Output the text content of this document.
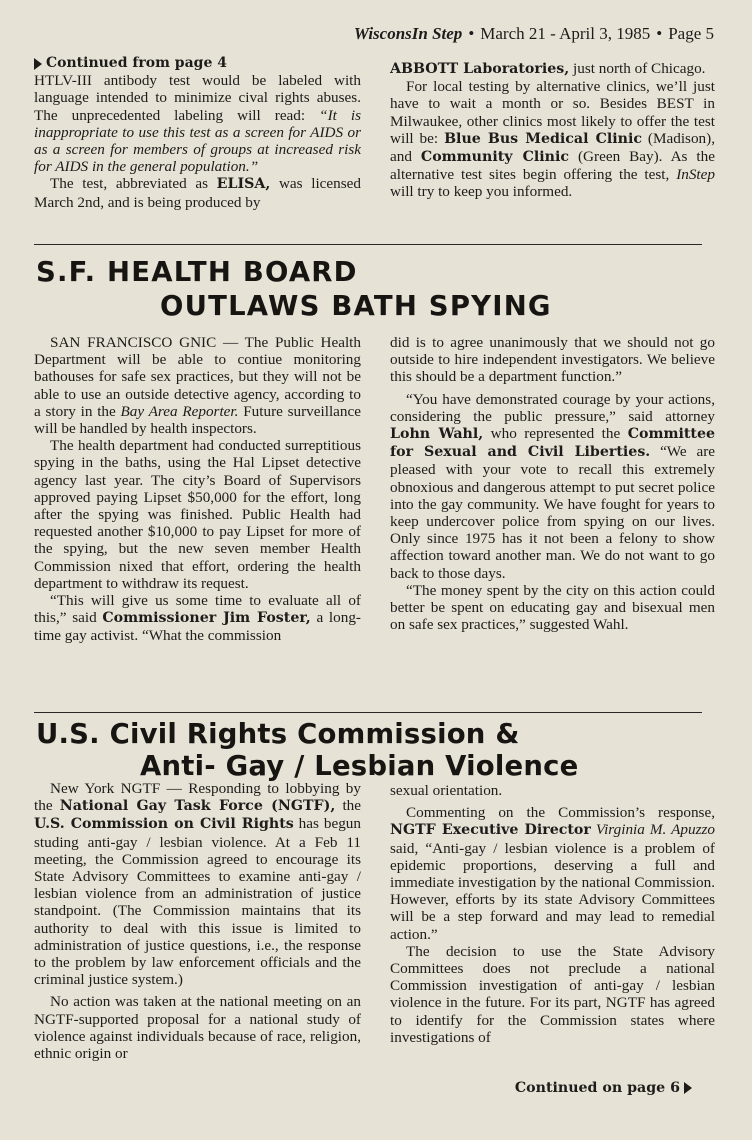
WisconsIn Step • March 21 - April 3, 1985 • Page 5

Continued from page 4

HTLV-III antibody test would be labeled with language intended to minimize cival rights abuses. The unprecedented labeling will read: “It is inappropriate to use this test as a screen for AIDS or as a screen for members of groups at increased risk for AIDS in the general population.”

The test, abbreviated as ELISA, was licensed March 2nd, and is being produced by

ABBOTT Laboratories, just north of Chicago.

For local testing by alternative clinics, we’ll just have to wait a month or so. Besides BEST in Milwaukee, other clinics most likely to offer the test will be: Blue Bus Medical Clinic (Madison), and Community Clinic (Green Bay). As the alternative test sites begin offering the test, InStep will try to keep you informed.

S.F. HEALTH BOARD
OUTLAWS BATH SPYING

SAN FRANCISCO GNIC — The Public Health Department will be able to contiue monitoring bathouses for safe sex practices, but they will not be able to use an outside detective agency, according to a story in the Bay Area Reporter. Future surveillance will be handled by health inspectors.

The health department had conducted surreptitious spying in the baths, using the Hal Lipset detective agency last year. The city’s Board of Supervisors approved paying Lipset $50,000 for the effort, long after the spying was finished. Public Health had requested another $10,000 to pay Lipset for more of the spying, but the new seven member Health Commission nixed that effort, ordering the health department to withdraw its request.

“This will give us some time to evaluate all of this,” said Commissioner Jim Foster, a long-time gay activist. “What the commission

did is to agree unanimously that we should not go outside to hire independent investigators. We believe this should be a department function.”

“You have demonstrated courage by your actions, considering the public pressure,” said attorney Lohn Wahl, who represented the Committee for Sexual and Civil Liberties. “We are pleased with your vote to recall this extremely obnoxious and dangerous attempt to put secret police into the gay community. We have fought for years to keep undercover police from spying on our lives. Only since 1975 has it not been a felony to show affection toward another man. We do not want to go back to those days.

“The money spent by the city on this action could better be spent on educating gay and bisexual men on safe sex practices,” suggested Wahl.

U.S. Civil Rights Commission &
Anti- Gay / Lesbian Violence

New York NGTF — Responding to lobbying by the National Gay Task Force (NGTF), the U.S. Commission on Civil Rights has begun studing anti-gay / lesbian violence. At a Feb 11 meeting, the Commission agreed to encourage its State Advisory Committees to examine anti-gay / lesbian violence from an administration of justice standpoint. (The Commission maintains that its authority to deal with this issue is limited to administration of justice questions, i.e., the response to the problem by law enforcement officials and the criminal justice system.)

No action was taken at the national meeting on an NGTF-supported proposal for a national study of violence against individuals because of race, religion, ethnic origin or

sexual orientation.

Commenting on the Commission’s response, NGTF Executive Director Virginia M. Apuzzo said, “Anti-gay / lesbian violence is a problem of epidemic proportions, deserving a full and immediate investigation by the national Commission. However, efforts by its state Advisory Committees will be a step forward and may lead to remedial action.”

The decision to use the State Advisory Committees does not preclude a national Commission investigation of anti-gay / lesbian violence in the future. For its part, NGTF has agreed to identify for the Commission states where investigations of

Continued on page 6
